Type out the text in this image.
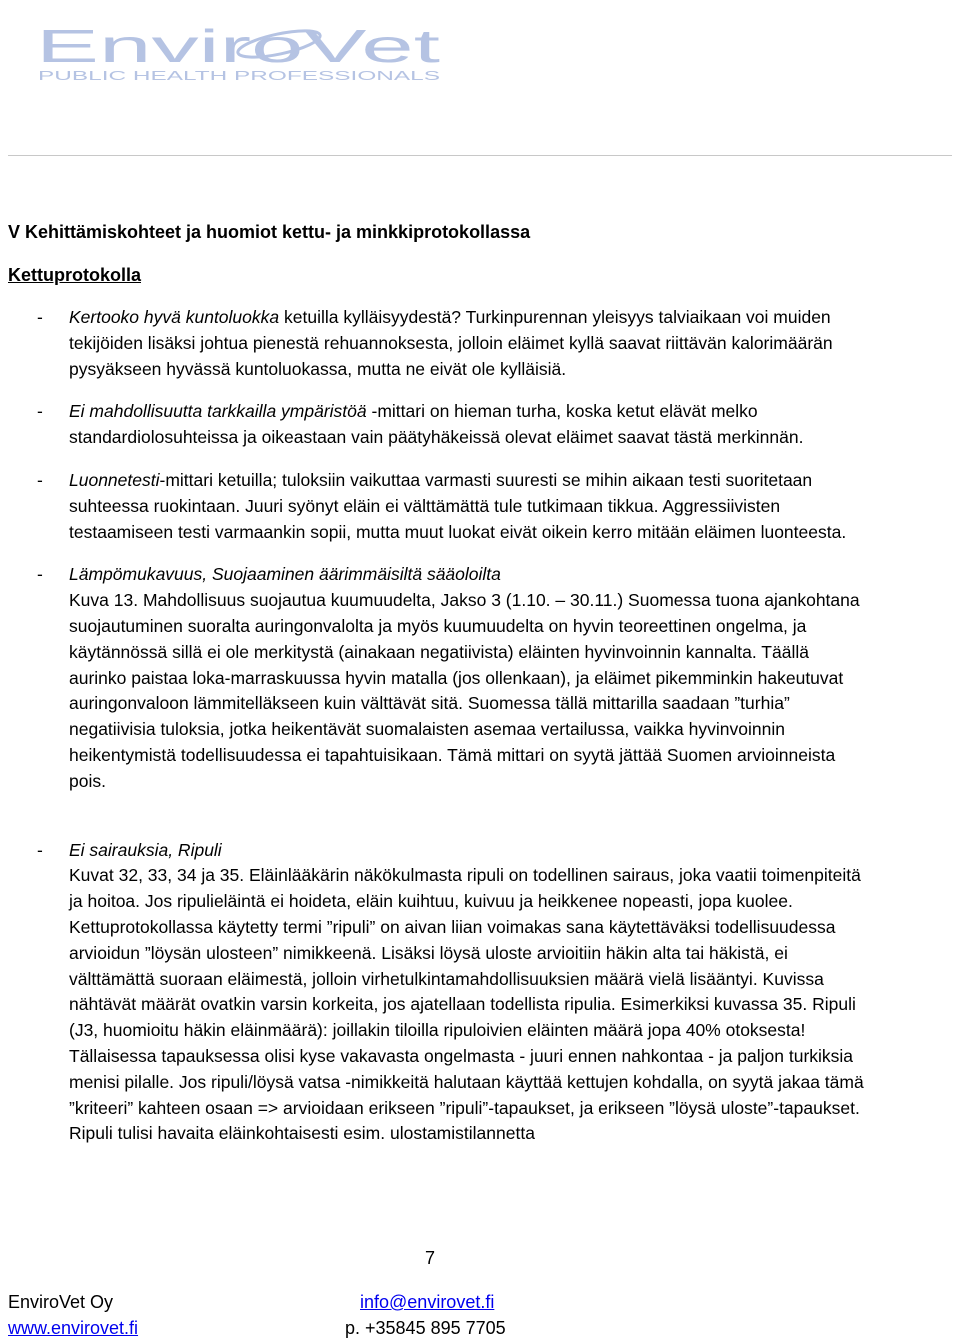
EnviroVet
PUBLIC HEALTH PROFESSIONALS
V Kehittämiskohteet ja huomiot kettu- ja minkkiprotokollassa
Kettuprotokolla
- Kertooko hyvä kuntoluokka ketuilla kylläisyydestä? Turkinpurennan yleisyys talviaikaan voi muiden tekijöiden lisäksi johtua pienestä rehuannoksesta, jolloin eläimet kyllä saavat riittävän kalorimäärän pysyäkseen hyvässä kuntoluokassa, mutta ne eivät ole kylläisiä.

- Ei mahdollisuutta tarkkailla ympäristöä -mittari on hieman turha, koska ketut elävät melko standardiolosuhteissa ja oikeastaan vain päätyhäkeissä olevat eläimet saavat tästä merkinnän.

- Luonnetesti-mittari ketuilla; tuloksiin vaikuttaa varmasti suuresti se mihin aikaan testi suoritetaan suhteessa ruokintaan. Juuri syönyt eläin ei välttämättä tule tutkimaan tikkua. Aggressiivisten testaamiseen testi varmaankin sopii, mutta muut luokat eivät oikein kerro mitään eläimen luonteesta.

- Lämpömukavuus, Suojaaminen äärimmäisiltä sääoloilta

Kuva 13. Mahdollisuus suojautua kuumuudelta, Jakso 3 (1.10. – 30.11.) Suomessa tuona ajankohtana suojautuminen suoralta auringonvalolta ja myös kuumuudelta on hyvin teoreettinen ongelma, ja käytännössä sillä ei ole merkitystä (ainakaan negatiivista) eläinten hyvinvoinnin kannalta. Täällä aurinko paistaa loka-marraskuussa hyvin matalla (jos ollenkaan), ja eläimet pikemminkin hakeutuvat auringonvaloon lämmitelläkseen kuin välttävät sitä. Suomessa tällä mittarilla saadaan ”turhia” negatiivisia tuloksia, jotka heikentävät suomalaisten asemaa vertailussa, vaikka hyvinvoinnin heikentymistä todellisuudessa ei tapahtuisikaan. Tämä mittari on syytä jättää Suomen arvioinneista pois.

- Ei sairauksia, Ripuli

Kuvat 32, 33, 34 ja 35. Eläinlääkärin näkökulmasta ripuli on todellinen sairaus, joka vaatii toimenpiteitä ja hoitoa. Jos ripulieläintä ei hoideta, eläin kuihtuu, kuivuu ja heikkenee nopeasti, jopa kuolee. Kettuprotokollassa käytetty termi ”ripuli” on aivan liian voimakas sana käytettäväksi todellisuudessa arvioidun ”löysän ulosteen” nimikkeenä. Lisäksi löysä uloste arvioitiin häkin alta tai häkistä, ei välttämättä suoraan eläimestä, jolloin virhetulkintamahdollisuuksien määrä vielä lisääntyi. Kuvissa nähtävät määrät ovatkin varsin korkeita, jos ajatellaan todellista ripulia. Esimerkiksi kuvassa 35. Ripuli (J3, huomioitu häkin eläinmäärä): joillakin tiloilla ripuloivien eläinten määrä jopa 40% otoksesta! Tällaisessa tapauksessa olisi kyse vakavasta ongelmasta - juuri ennen nahkontaa - ja paljon turkiksia menisi pilalle. Jos ripuli/löysä vatsa -nimikkeitä halutaan käyttää kettujen kohdalla, on syytä jakaa tämä ”kriteeri” kahteen osaan => arvioidaan erikseen ”ripuli”-tapaukset, ja erikseen ”löysä uloste”-tapaukset. Ripuli tulisi havaita eläinkohtaisesti esim. ulostamistilannetta

7
EnviroVet Oy
www.envirovet.fi
info@envirovet.fi
p. +35845 895 7705
